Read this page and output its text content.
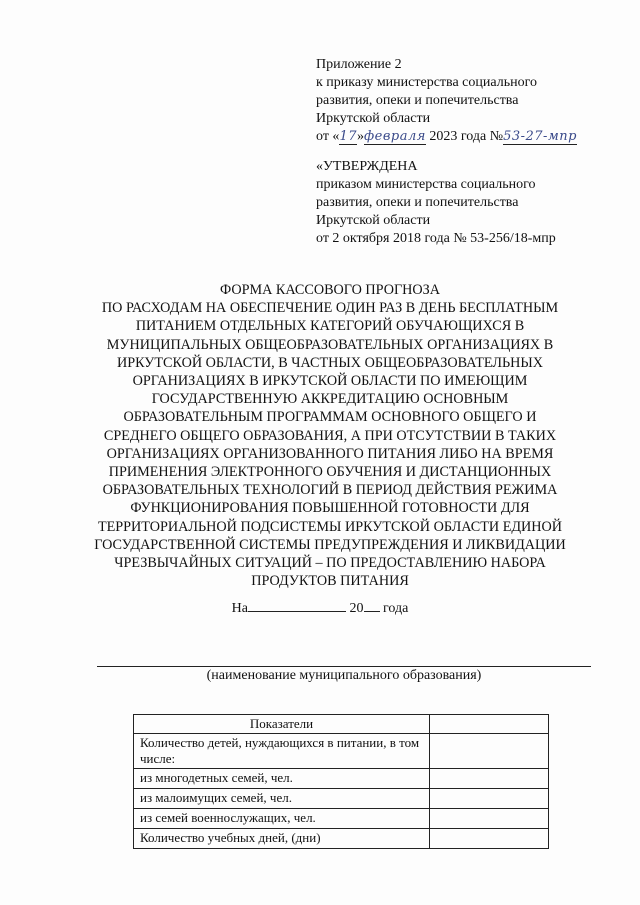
Приложение 2
к приказу министерства социального
развития, опеки и попечительства
Иркутской области
от «17»февраля 2023 года №53-27-мпр
«УТВЕРЖДЕНА
приказом министерства социального
развития, опеки и попечительства
Иркутской области
от 2 октября 2018 года № 53-256/18-мпр
ФОРМА КАССОВОГО ПРОГНОЗА
ПО РАСХОДАМ НА ОБЕСПЕЧЕНИЕ ОДИН РАЗ В ДЕНЬ БЕСПЛАТНЫМ
ПИТАНИЕМ ОТДЕЛЬНЫХ КАТЕГОРИЙ ОБУЧАЮЩИХСЯ В
МУНИЦИПАЛЬНЫХ ОБЩЕОБРАЗОВАТЕЛЬНЫХ ОРГАНИЗАЦИЯХ В
ИРКУТСКОЙ ОБЛАСТИ, В ЧАСТНЫХ ОБЩЕОБРАЗОВАТЕЛЬНЫХ
ОРГАНИЗАЦИЯХ В ИРКУТСКОЙ ОБЛАСТИ ПО ИМЕЮЩИМ
ГОСУДАРСТВЕННУЮ АККРЕДИТАЦИЮ ОСНОВНЫМ
ОБРАЗОВАТЕЛЬНЫМ ПРОГРАММАМ ОСНОВНОГО ОБЩЕГО И
СРЕДНЕГО ОБЩЕГО ОБРАЗОВАНИЯ, А ПРИ ОТСУТСТВИИ В ТАКИХ
ОРГАНИЗАЦИЯХ ОРГАНИЗОВАННОГО ПИТАНИЯ ЛИБО НА ВРЕМЯ
ПРИМЕНЕНИЯ ЭЛЕКТРОННОГО ОБУЧЕНИЯ И ДИСТАНЦИОННЫХ
ОБРАЗОВАТЕЛЬНЫХ ТЕХНОЛОГИЙ В ПЕРИОД ДЕЙСТВИЯ РЕЖИМА
ФУНКЦИОНИРОВАНИЯ ПОВЫШЕННОЙ ГОТОВНОСТИ ДЛЯ
ТЕРРИТОРИАЛЬНОЙ ПОДСИСТЕМЫ ИРКУТСКОЙ ОБЛАСТИ ЕДИНОЙ
ГОСУДАРСТВЕННОЙ СИСТЕМЫ ПРЕДУПРЕЖДЕНИЯ И ЛИКВИДАЦИИ
ЧРЕЗВЫЧАЙНЫХ СИТУАЦИЙ – ПО ПРЕДОСТАВЛЕНИЮ НАБОРА
ПРОДУКТОВ ПИТАНИЯ
На	20 года
(наименование муниципального образования)
Показатели	
Количество детей, нуждающихся в питании, в том числе:	
из многодетных семей, чел.	
из малоимущих семей, чел.	
из семей военнослужащих, чел.	
Количество учебных дней, (дни)	
